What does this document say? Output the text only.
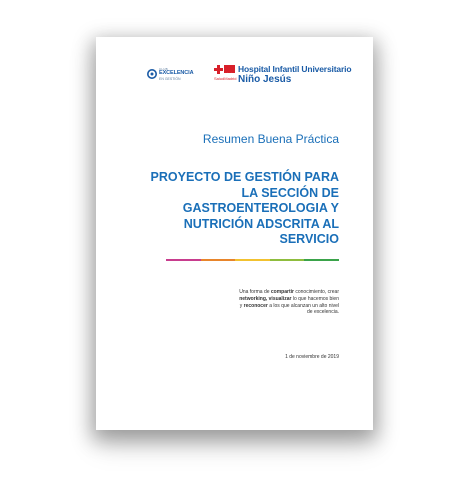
CLUB
EXCELENCIA
EN GESTIÓN
★★
SaludMadrid
Hospital Infantil Universitario
Niño Jesús
Resumen Buena Práctica
PROYECTO DE GESTIÓN PARA
LA SECCIÓN DE
GASTROENTEROLOGIA Y
NUTRICIÓN ADSCRITA AL
SERVICIO
Una forma de compartir conocimiento, crear
networking, visualizar lo que hacemos bien
y reconocer a los que alcanzan un alto nivel
de excelencia.
1 de noviembre de 2019
